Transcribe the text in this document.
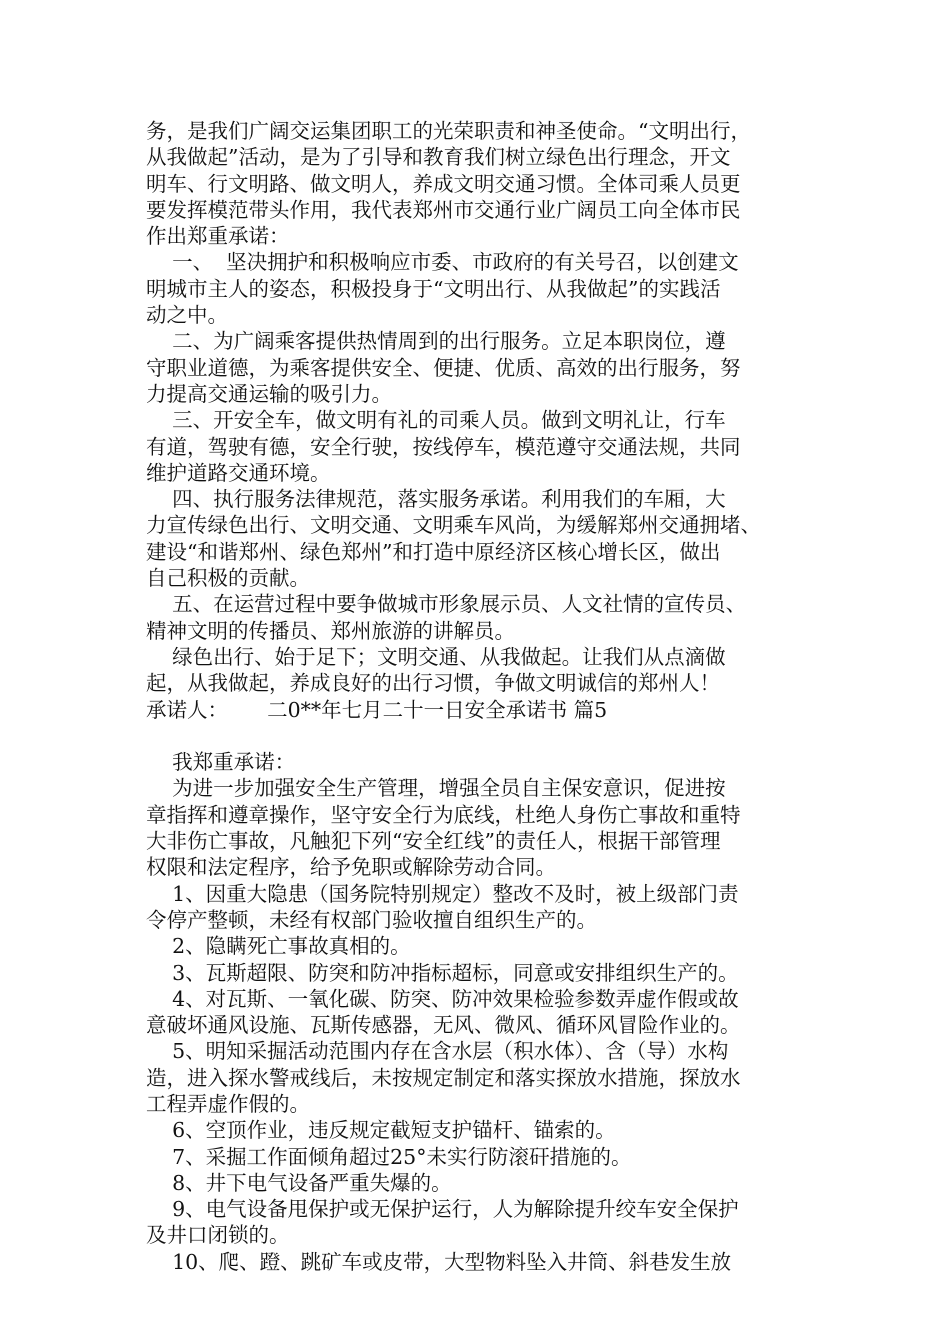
务，是我们广阔交运集团职工的光荣职责和神圣使命。“文明出行，
从我做起”活动，是为了引导和教育我们树立绿色出行理念，开文
明车、行文明路、做文明人，养成文明交通习惯。全体司乘人员更
要发挥模范带头作用，我代表郑州市交通行业广阔员工向全体市民
作出郑重承诺：
一、  坚决拥护和积极响应市委、市政府的有关号召，以创建文
明城市主人的姿态，积极投身于“文明出行、从我做起”的实践活
动之中。
二、为广阔乘客提供热情周到的出行服务。立足本职岗位，遵
守职业道德，为乘客提供安全、便捷、优质、高效的出行服务，努
力提高交通运输的吸引力。
三、开安全车，做文明有礼的司乘人员。做到文明礼让，行车
有道，驾驶有德，安全行驶，按线停车，模范遵守交通法规，共同
维护道路交通环境。
四、执行服务法律规范，落实服务承诺。利用我们的车厢，大
力宣传绿色出行、文明交通、文明乘车风尚，为缓解郑州交通拥堵、
建设“和谐郑州、绿色郑州”和打造中原经济区核心增长区，做出
自己积极的贡献。
五、在运营过程中要争做城市形象展示员、人文社情的宣传员、
精神文明的传播员、郑州旅游的讲解员。
绿色出行、始于足下；文明交通、从我做起。让我们从点滴做
起，从我做起，养成良好的出行习惯，争做文明诚信的郑州人！
承诺人：      二0**年七月二十一日安全承诺书 篇5
我郑重承诺：
为进一步加强安全生产管理，增强全员自主保安意识，促进按
章指挥和遵章操作，坚守安全行为底线，杜绝人身伤亡事故和重特
大非伤亡事故，凡触犯下列“安全红线”的责任人，根据干部管理
权限和法定程序，给予免职或解除劳动合同。
1、因重大隐患（国务院特别规定）整改不及时，被上级部门责
令停产整顿，未经有权部门验收擅自组织生产的。
2、隐瞒死亡事故真相的。
3、瓦斯超限、防突和防冲指标超标，同意或安排组织生产的。
4、对瓦斯、一氧化碳、防突、防冲效果检验参数弄虚作假或故
意破坏通风设施、瓦斯传感器，无风、微风、循环风冒险作业的。
5、明知采掘活动范围内存在含水层（积水体）、含（导）水构
造，进入探水警戒线后，未按规定制定和落实探放水措施，探放水
工程弄虚作假的。
6、空顶作业，违反规定截短支护锚杆、锚索的。
7、采掘工作面倾角超过25°未实行防滚矸措施的。
8、井下电气设备严重失爆的。
9、电气设备甩保护或无保护运行，人为解除提升绞车安全保护
及井口闭锁的。
10、爬、蹬、跳矿车或皮带，大型物料坠入井筒、斜巷发生放
